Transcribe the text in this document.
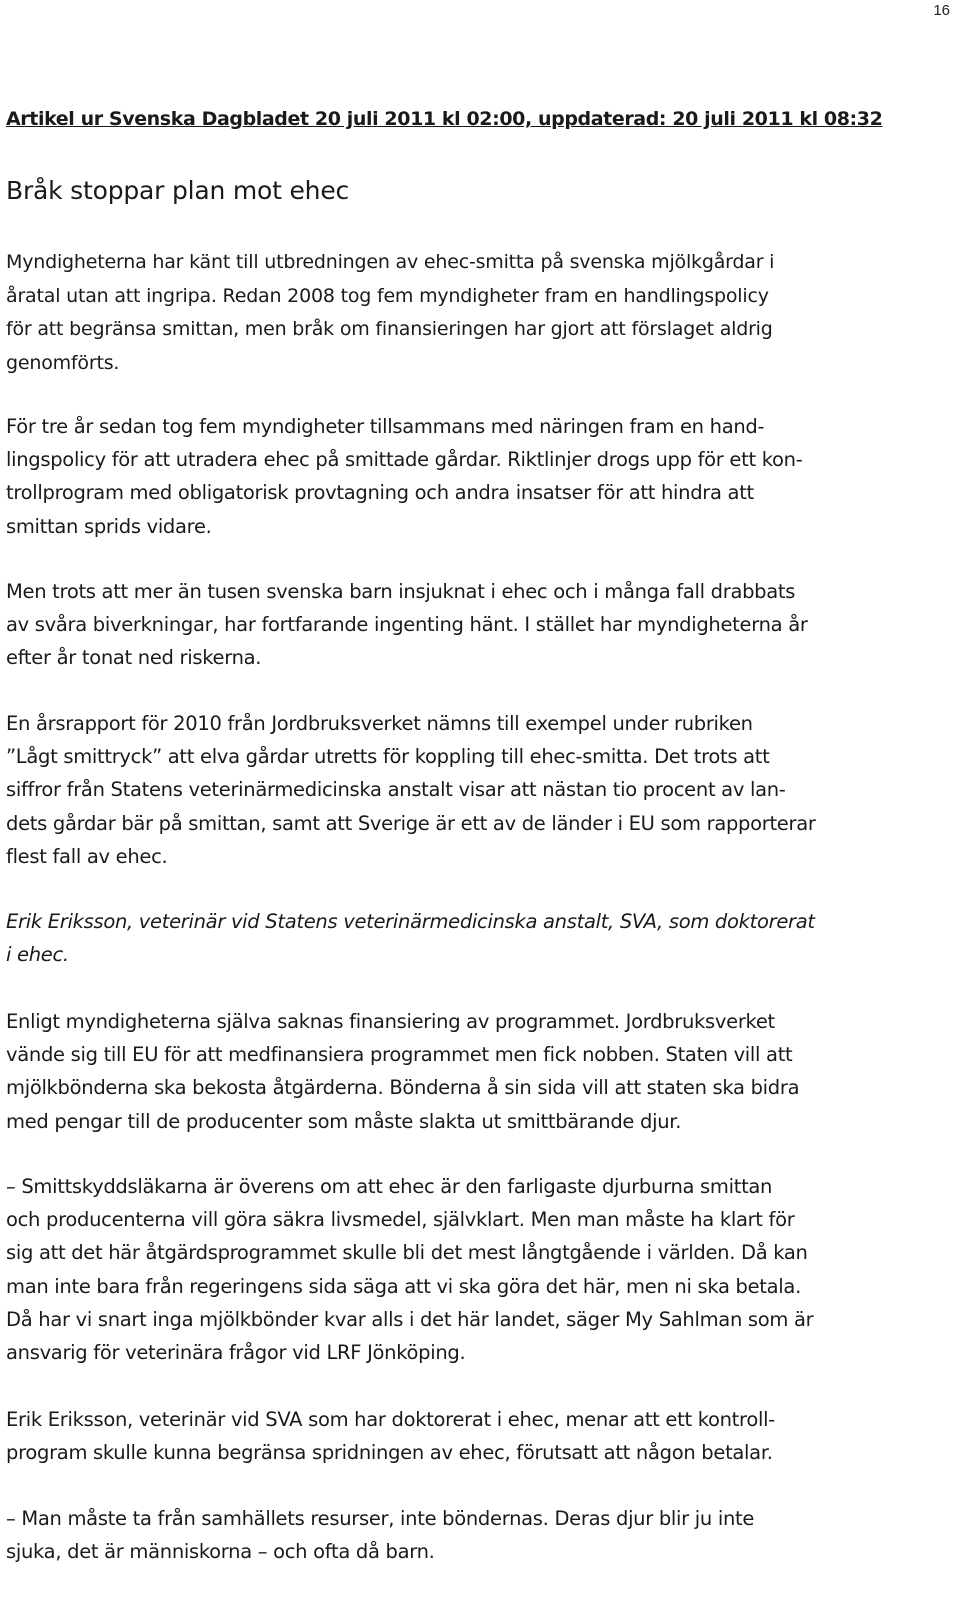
16
Artikel ur Svenska Dagbladet 20 juli 2011 kl 02:00, uppdaterad: 20 juli 2011 kl 08:32
Bråk stoppar plan mot ehec

Myndigheterna har känt till utbredningen av ehec-smitta på svenska mjölkgårdar i
åratal utan att ingripa. Redan 2008 tog fem myndigheter fram en handlingspolicy
för att begränsa smittan, men bråk om finansieringen har gjort att förslaget aldrig
genomförts.

För tre år sedan tog fem myndigheter tillsammans med näringen fram en hand-
lingspolicy för att utradera ehec på smittade gårdar. Riktlinjer drogs upp för ett kon-
trollprogram med obligatorisk provtagning och andra insatser för att hindra att
smittan sprids vidare.

Men trots att mer än tusen svenska barn insjuknat i ehec och i många fall drabbats
av svåra biverkningar, har fortfarande ingenting hänt. I stället har myndigheterna år
efter år tonat ned riskerna.

En årsrapport för 2010 från Jordbruksverket nämns till exempel under rubriken
”Lågt smittryck” att elva gårdar utretts för koppling till ehec-smitta. Det trots att
siffror från Statens veterinärmedicinska anstalt visar att nästan tio procent av lan-
dets gårdar bär på smittan, samt att Sverige är ett av de länder i EU som rapporterar
flest fall av ehec.

Erik Eriksson, veterinär vid Statens veterinärmedicinska anstalt, SVA, som doktorerat
i ehec.

Enligt myndigheterna själva saknas finansiering av programmet. Jordbruksverket
vände sig till EU för att medfinansiera programmet men fick nobben. Staten vill att
mjölkbönderna ska bekosta åtgärderna. Bönderna å sin sida vill att staten ska bidra
med pengar till de producenter som måste slakta ut smittbärande djur.

– Smittskyddsläkarna är överens om att ehec är den farligaste djurburna smittan
och producenterna vill göra säkra livsmedel, självklart. Men man måste ha klart för
sig att det här åtgärdsprogrammet skulle bli det mest långtgående i världen. Då kan
man inte bara från regeringens sida säga att vi ska göra det här, men ni ska betala.
Då har vi snart inga mjölkbönder kvar alls i det här landet, säger My Sahlman som är
ansvarig för veterinära frågor vid LRF Jönköping.

Erik Eriksson, veterinär vid SVA som har doktorerat i ehec, menar att ett kontroll-
program skulle kunna begränsa spridningen av ehec, förutsatt att någon betalar.

– Man måste ta från samhällets resurser, inte böndernas. Deras djur blir ju inte
sjuka, det är människorna – och ofta då barn.
